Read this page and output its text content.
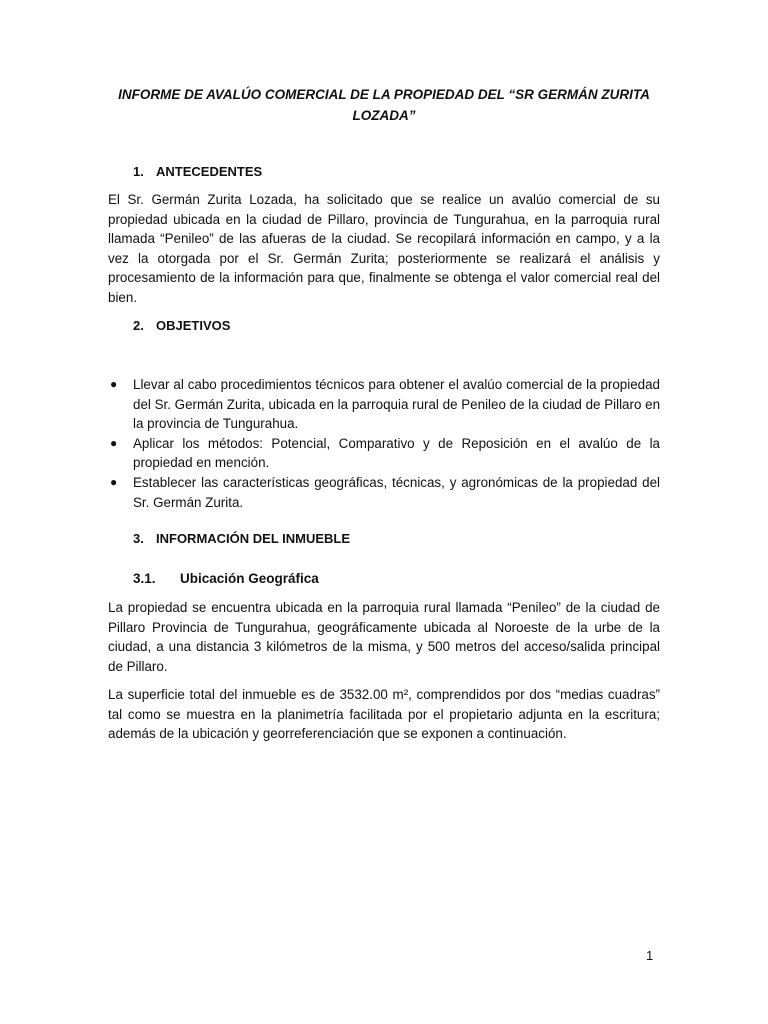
INFORME DE AVALÚO COMERCIAL DE LA PROPIEDAD DEL “SR GERMÁN ZURITA LOZADA”
1. ANTECEDENTES
El Sr. Germán Zurita Lozada, ha solicitado que se realice un avalúo comercial de su propiedad ubicada en la ciudad de Pillaro, provincia de Tungurahua, en la parroquia rural llamada “Penileo” de las afueras de la ciudad. Se recopilará información en campo, y a la vez la otorgada por el Sr. Germán Zurita; posteriormente se realizará el análisis y procesamiento de la información para que, finalmente se obtenga el valor comercial real del bien.
2. OBJETIVOS
● Llevar al cabo procedimientos técnicos para obtener el avalúo comercial de la propiedad del Sr. Germán Zurita, ubicada en la parroquia rural de Penileo de la ciudad de Pillaro en la provincia de Tungurahua.
● Aplicar los métodos: Potencial, Comparativo y de Reposición en el avalúo de la propiedad en mención.
● Establecer las características geográficas, técnicas, y agronómicas de la propiedad del Sr. Germán Zurita.
3. INFORMACIÓN DEL INMUEBLE
3.1. Ubicación Geográfica
La propiedad se encuentra ubicada en la parroquia rural llamada “Penileo” de la ciudad de Pillaro Provincia de Tungurahua, geográficamente ubicada al Noroeste de la urbe de la ciudad, a una distancia 3 kilómetros de la misma, y 500 metros del acceso/salida principal de Pillaro.
La superficie total del inmueble es de 3532.00 m², comprendidos por dos “medias cuadras” tal como se muestra en la planimetría facilitada por el propietario adjunta en la escritura; además de la ubicación y georreferenciación que se exponen a continuación.
1
